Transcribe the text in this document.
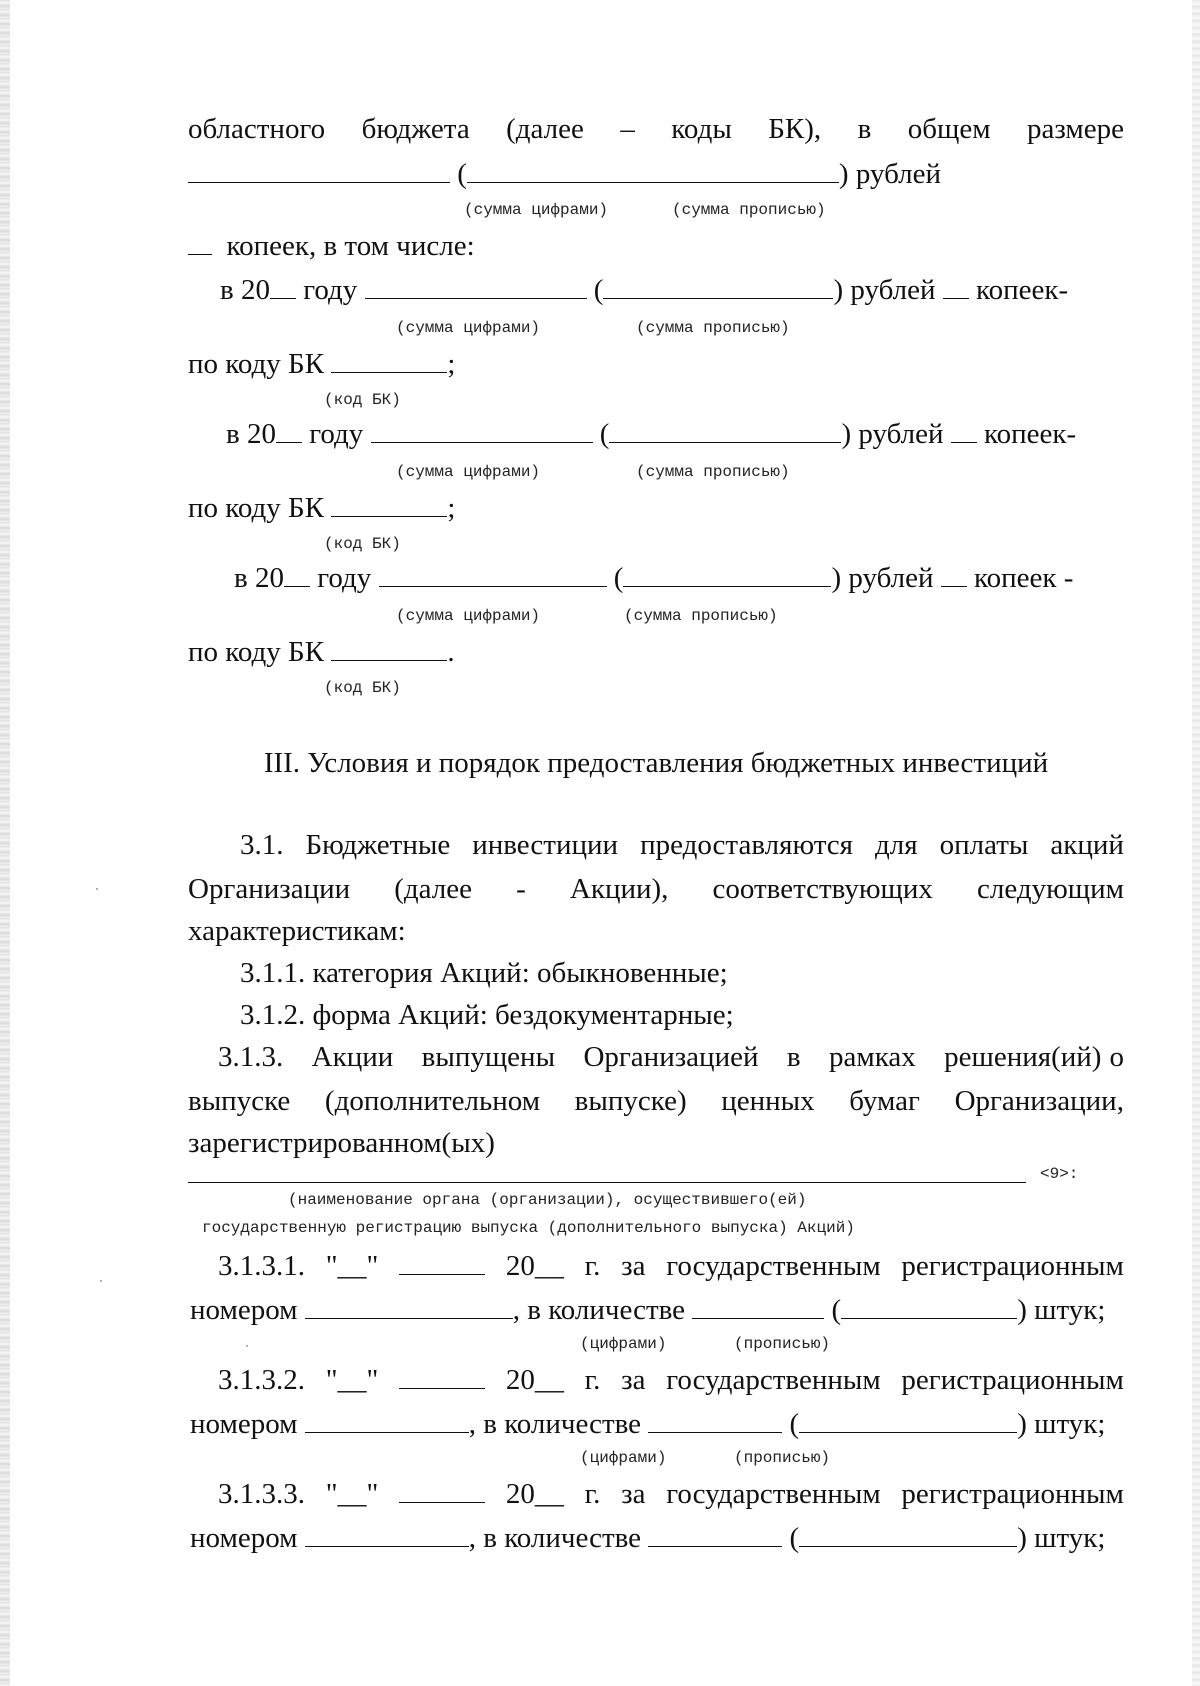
областного бюджета (далее – коды БК), в общем размере
(	) рублей
(сумма цифрами)	(сумма прописью)
копеек, в том числе:
в 20 году	(	) рублей копеек-
(сумма цифрами)	(сумма прописью)
по коду БК	;
(код БК)
в 20 году	(	) рублей копеек-
(сумма цифрами)	(сумма прописью)
по коду БК	;
(код БК)
в 20 году	(	) рублей копеек -
(сумма цифрами)	(сумма прописью)
по коду БК	.
(код БК)
III. Условия и порядок предоставления бюджетных инвестиций
3.1. Бюджетные инвестиции предоставляются для оплаты акций
Организации (далее - Акции), соответствующих следующим
характеристикам:
3.1.1. категория Акций: обыкновенные;
3.1.2. форма Акций: бездокументарные;
3.1.3. Акции выпущены Организацией в рамках решения(ий) о
выпуске (дополнительном выпуске) ценных бумаг Организации,
зарегистрированном(ых)
<9>:
(наименование органа (организации), осуществившего(ей)
государственную регистрацию выпуска (дополнительного выпуска) Акций)
3.1.3.1. "__"	20__ г. за государственным регистрационным
номером	, в количестве	(	) штук;
(цифрами)	(прописью)
3.1.3.2. "__"	20__ г. за государственным регистрационным
номером	, в количестве	(	) штук;
(цифрами)	(прописью)
3.1.3.3. "__"	20__ г. за государственным регистрационным
номером	, в количестве	(	) штук;
